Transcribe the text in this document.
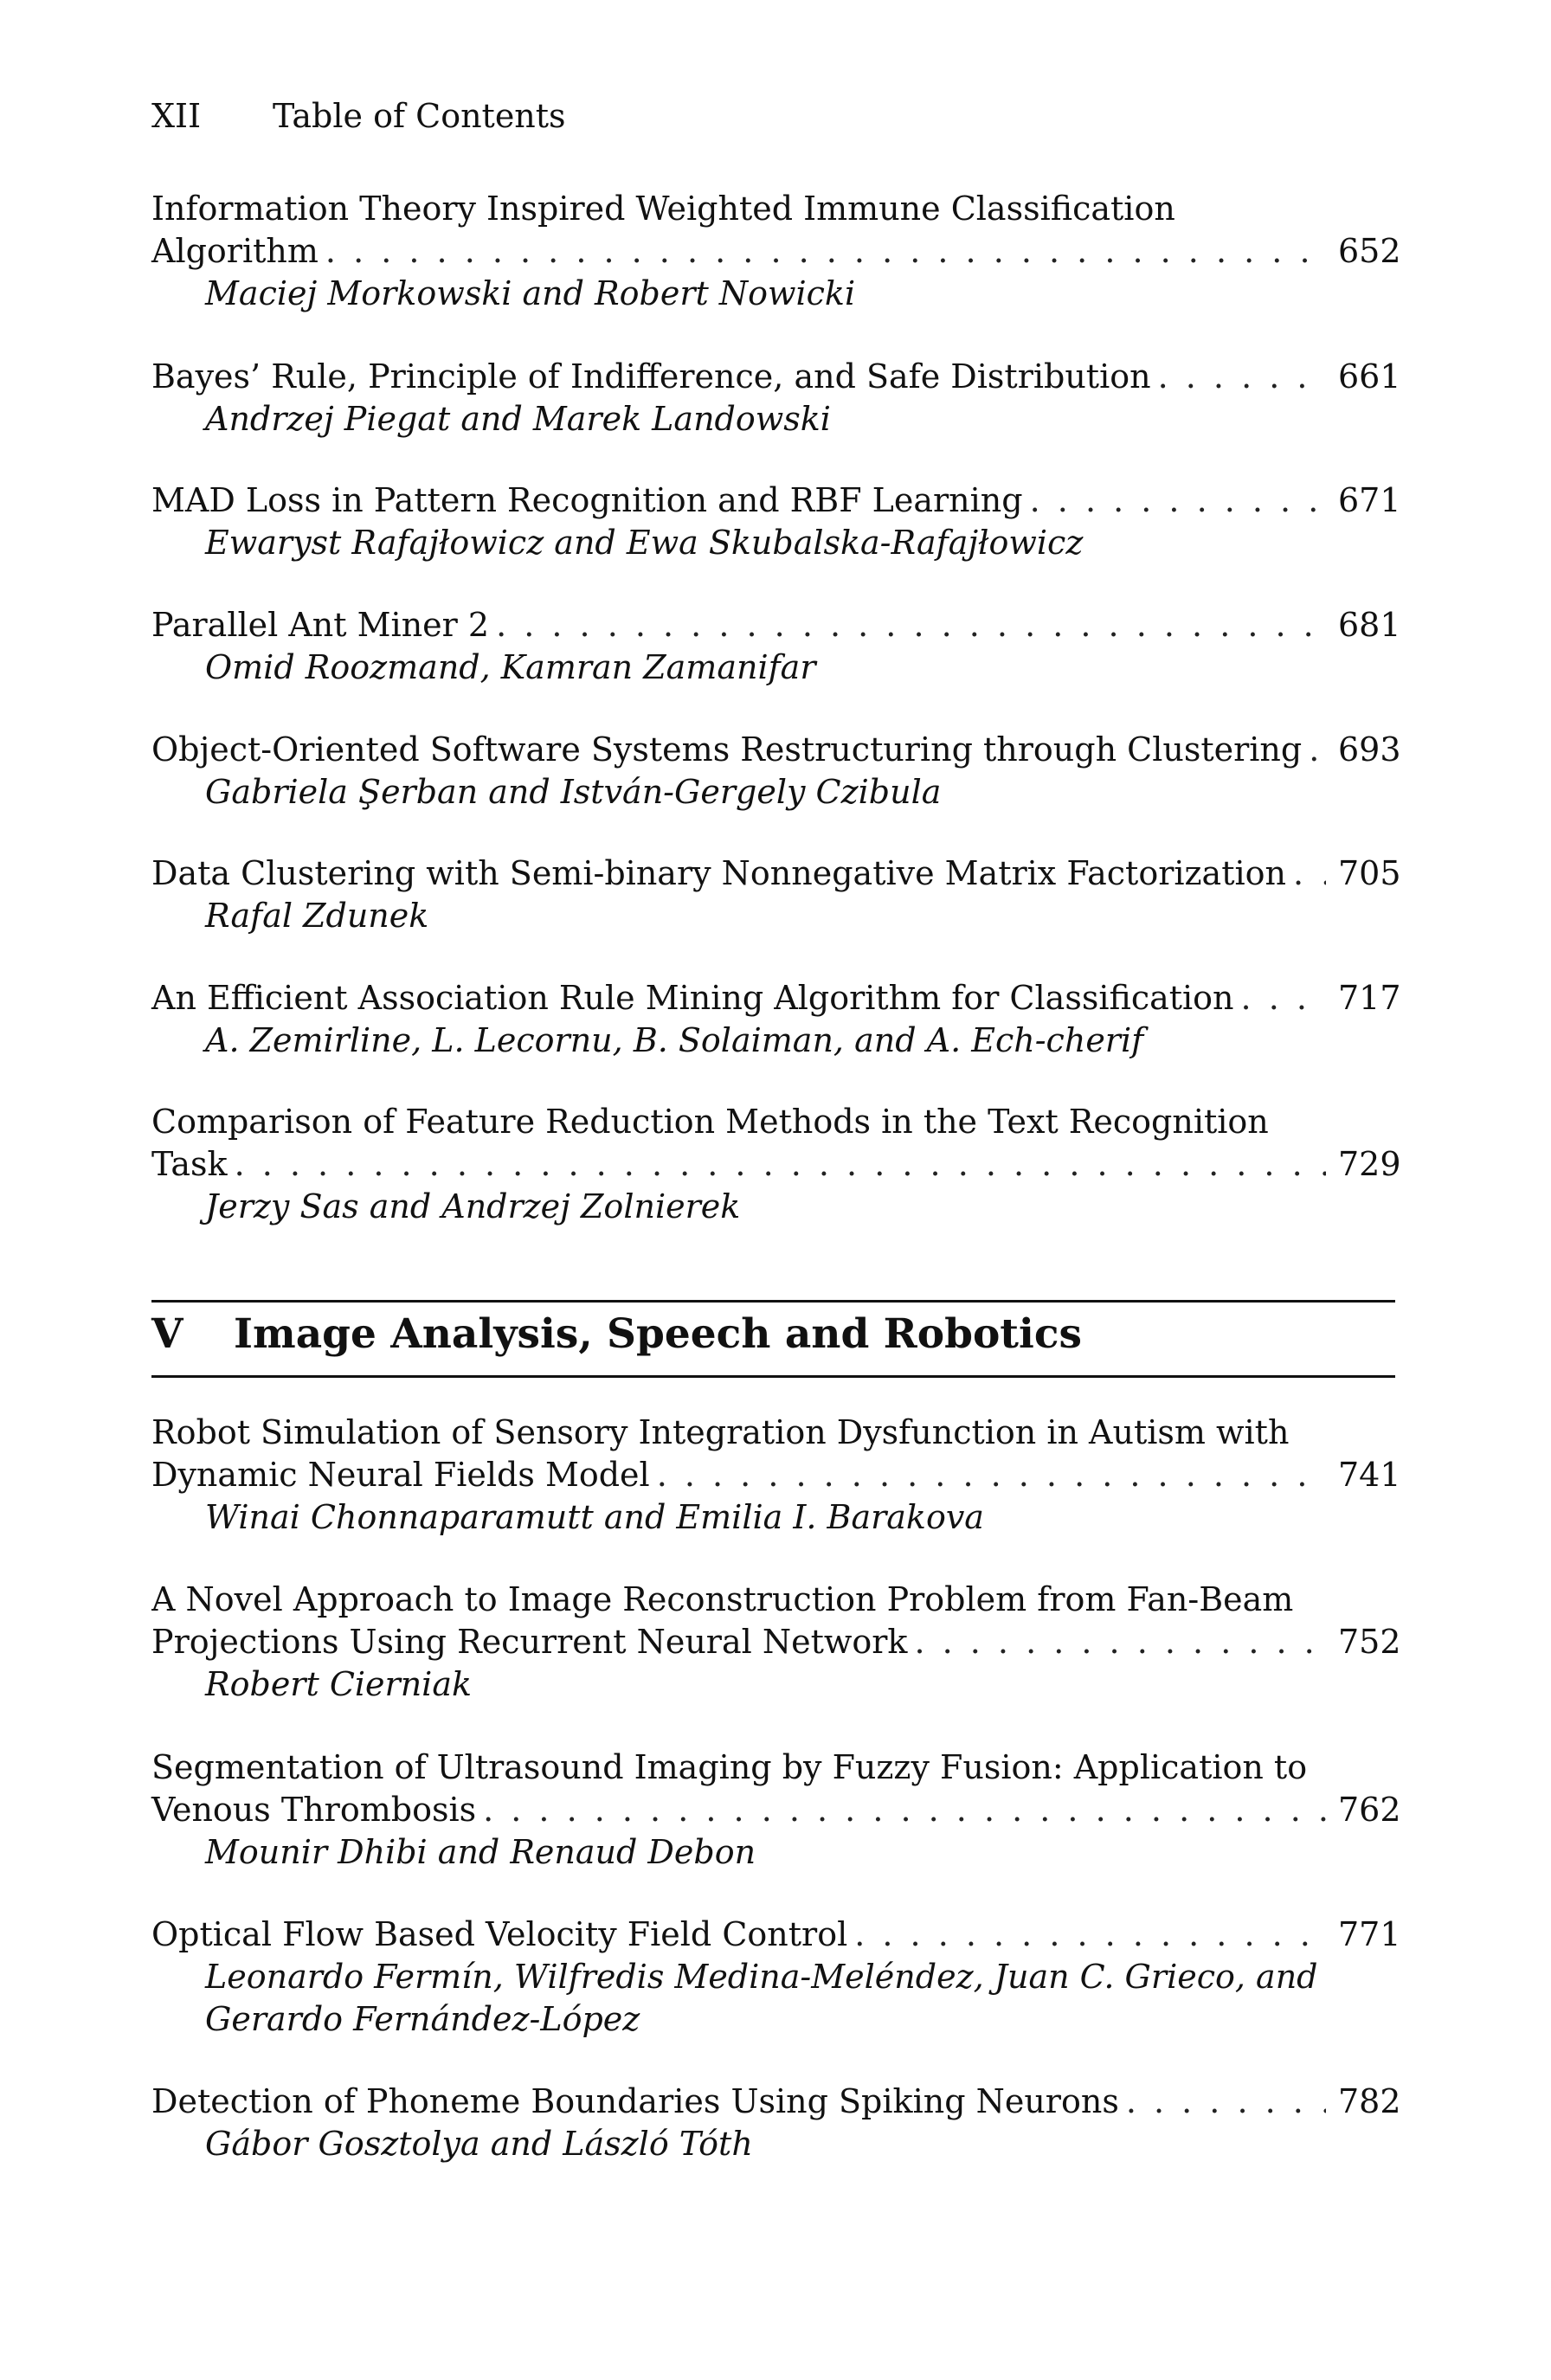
XII Table of Contents
Information Theory Inspired Weighted Immune Classification
Algorithm . . .	652
Maciej Morkowski and Robert Nowicki
Bayes’ Rule, Principle of Indifference, and Safe Distribution . . .	661
Andrzej Piegat and Marek Landowski
MAD Loss in Pattern Recognition and RBF Learning . . .	671
Ewaryst Rafajłowicz and Ewa Skubalska-Rafajłowicz
Parallel Ant Miner 2 . . .	681
Omid Roozmand, Kamran Zamanifar
Object-Oriented Software Systems Restructuring through Clustering . . . 693
Gabriela Şerban and István-Gergely Czibula
Data Clustering with Semi-binary Nonnegative Matrix Factorization . . . 705
Rafal Zdunek
An Efficient Association Rule Mining Algorithm for Classification . . .	717
A. Zemirline, L. Lecornu, B. Solaiman, and A. Ech-cherif
Comparison of Feature Reduction Methods in the Text Recognition
Task . . .	729
Jerzy Sas and Andrzej Zolnierek
V Image Analysis, Speech and Robotics
Robot Simulation of Sensory Integration Dysfunction in Autism with
Dynamic Neural Fields Model . . .	741
Winai Chonnaparamutt and Emilia I. Barakova
A Novel Approach to Image Reconstruction Problem from Fan-Beam
Projections Using Recurrent Neural Network . . .	752
Robert Cierniak
Segmentation of Ultrasound Imaging by Fuzzy Fusion: Application to
Venous Thrombosis . . .	762
Mounir Dhibi and Renaud Debon
Optical Flow Based Velocity Field Control . . .	771
Leonardo Fermín, Wilfredis Medina-Meléndez, Juan C. Grieco, and
Gerardo Fernández-López
Detection of Phoneme Boundaries Using Spiking Neurons . . .	782
Gábor Gosztolya and László Tóth
